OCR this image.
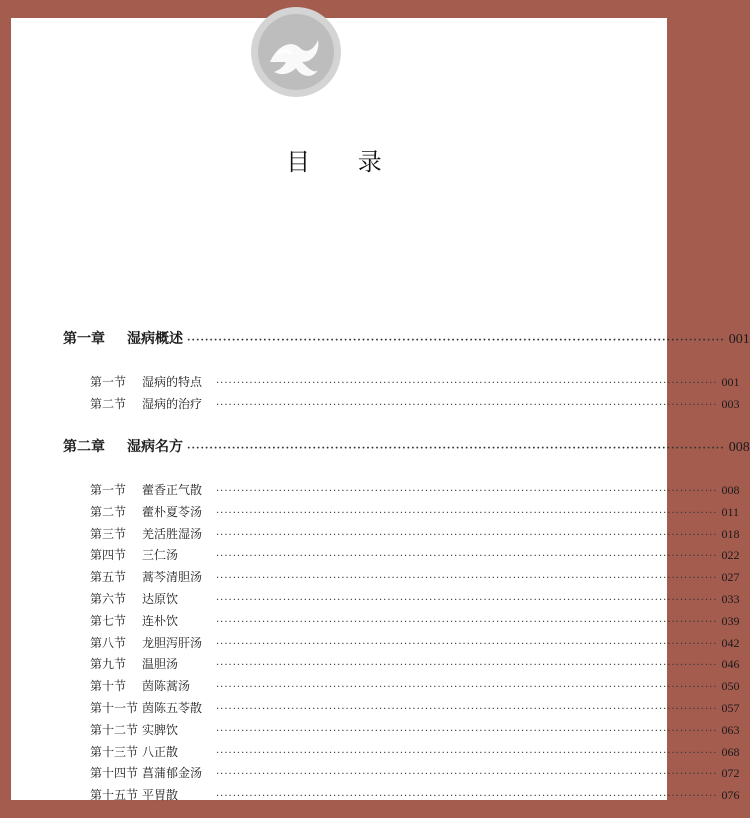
目 录
第一章	湿病概述 ························································································································ 001
第一节	湿病的特点	························································································································ 001
第二节	湿病的治疗	························································································································ 003
第二章	湿病名方 ························································································································ 008
第一节	藿香正气散	························································································································ 008
第二节	藿朴夏苓汤	························································································································ 011
第三节	羌活胜湿汤	························································································································ 018
第四节	三仁汤	························································································································ 022
第五节	蒿芩清胆汤	························································································································ 027
第六节	达原饮	························································································································ 033
第七节	连朴饮	························································································································ 039
第八节	龙胆泻肝汤	························································································································ 042
第九节	温胆汤	························································································································ 046
第十节	茵陈蒿汤	························································································································ 050
第十一节 茵陈五苓散	························································································································ 057
第十二节 实脾饮	························································································································ 063
第十三节 八正散	························································································································ 068
第十四节 菖蒲郁金汤	························································································································ 072
第十五节 平胃散	························································································································ 076
